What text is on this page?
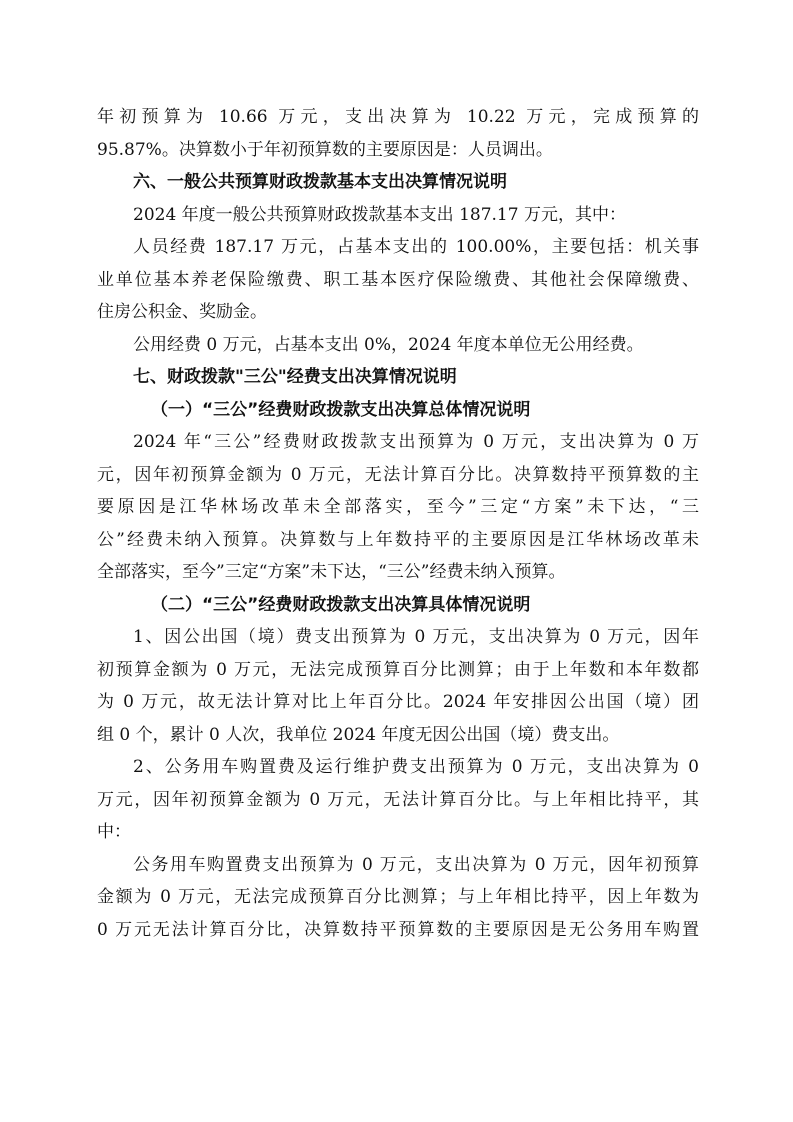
年初预算为 10.66 万元，支出决算为 10.22 万元，完成预算的
95.87%。决算数小于年初预算数的主要原因是：人员调出。
六、一般公共预算财政拨款基本支出决算情况说明
2024 年度一般公共预算财政拨款基本支出 187.17 万元，其中：
人员经费 187.17 万元，占基本支出的 100.00%，主要包括：机关事
业单位基本养老保险缴费、职工基本医疗保险缴费、其他社会保障缴费、
住房公积金、奖励金。
公用经费 0 万元，占基本支出 0%，2024 年度本单位无公用经费。
七、财政拨款"三公"经费支出决算情况说明
（一）“三公”经费财政拨款支出决算总体情况说明
2024 年“三公”经费财政拨款支出预算为 0 万元，支出决算为 0 万
元，因年初预算金额为 0 万元，无法计算百分比。决算数持平预算数的主
要原因是江华林场改革未全部落实，至今”三定“方案”未下达，“三
公”经费未纳入预算。决算数与上年数持平的主要原因是江华林场改革未
全部落实，至今”三定“方案”未下达，“三公”经费未纳入预算。
（二）“三公”经费财政拨款支出决算具体情况说明
1、因公出国（境）费支出预算为 0 万元，支出决算为 0 万元，因年
初预算金额为 0 万元，无法完成预算百分比测算；由于上年数和本年数都
为 0 万元，故无法计算对比上年百分比。2024 年安排因公出国（境）团
组 0 个，累计 0 人次，我单位 2024 年度无因公出国（境）费支出。
2、公务用车购置费及运行维护费支出预算为 0 万元，支出决算为 0
万元，因年初预算金额为 0 万元，无法计算百分比。与上年相比持平，其
中：
公务用车购置费支出预算为 0 万元，支出决算为 0 万元，因年初预算
金额为 0 万元，无法完成预算百分比测算；与上年相比持平，因上年数为
0 万元无法计算百分比，决算数持平预算数的主要原因是无公务用车购置
